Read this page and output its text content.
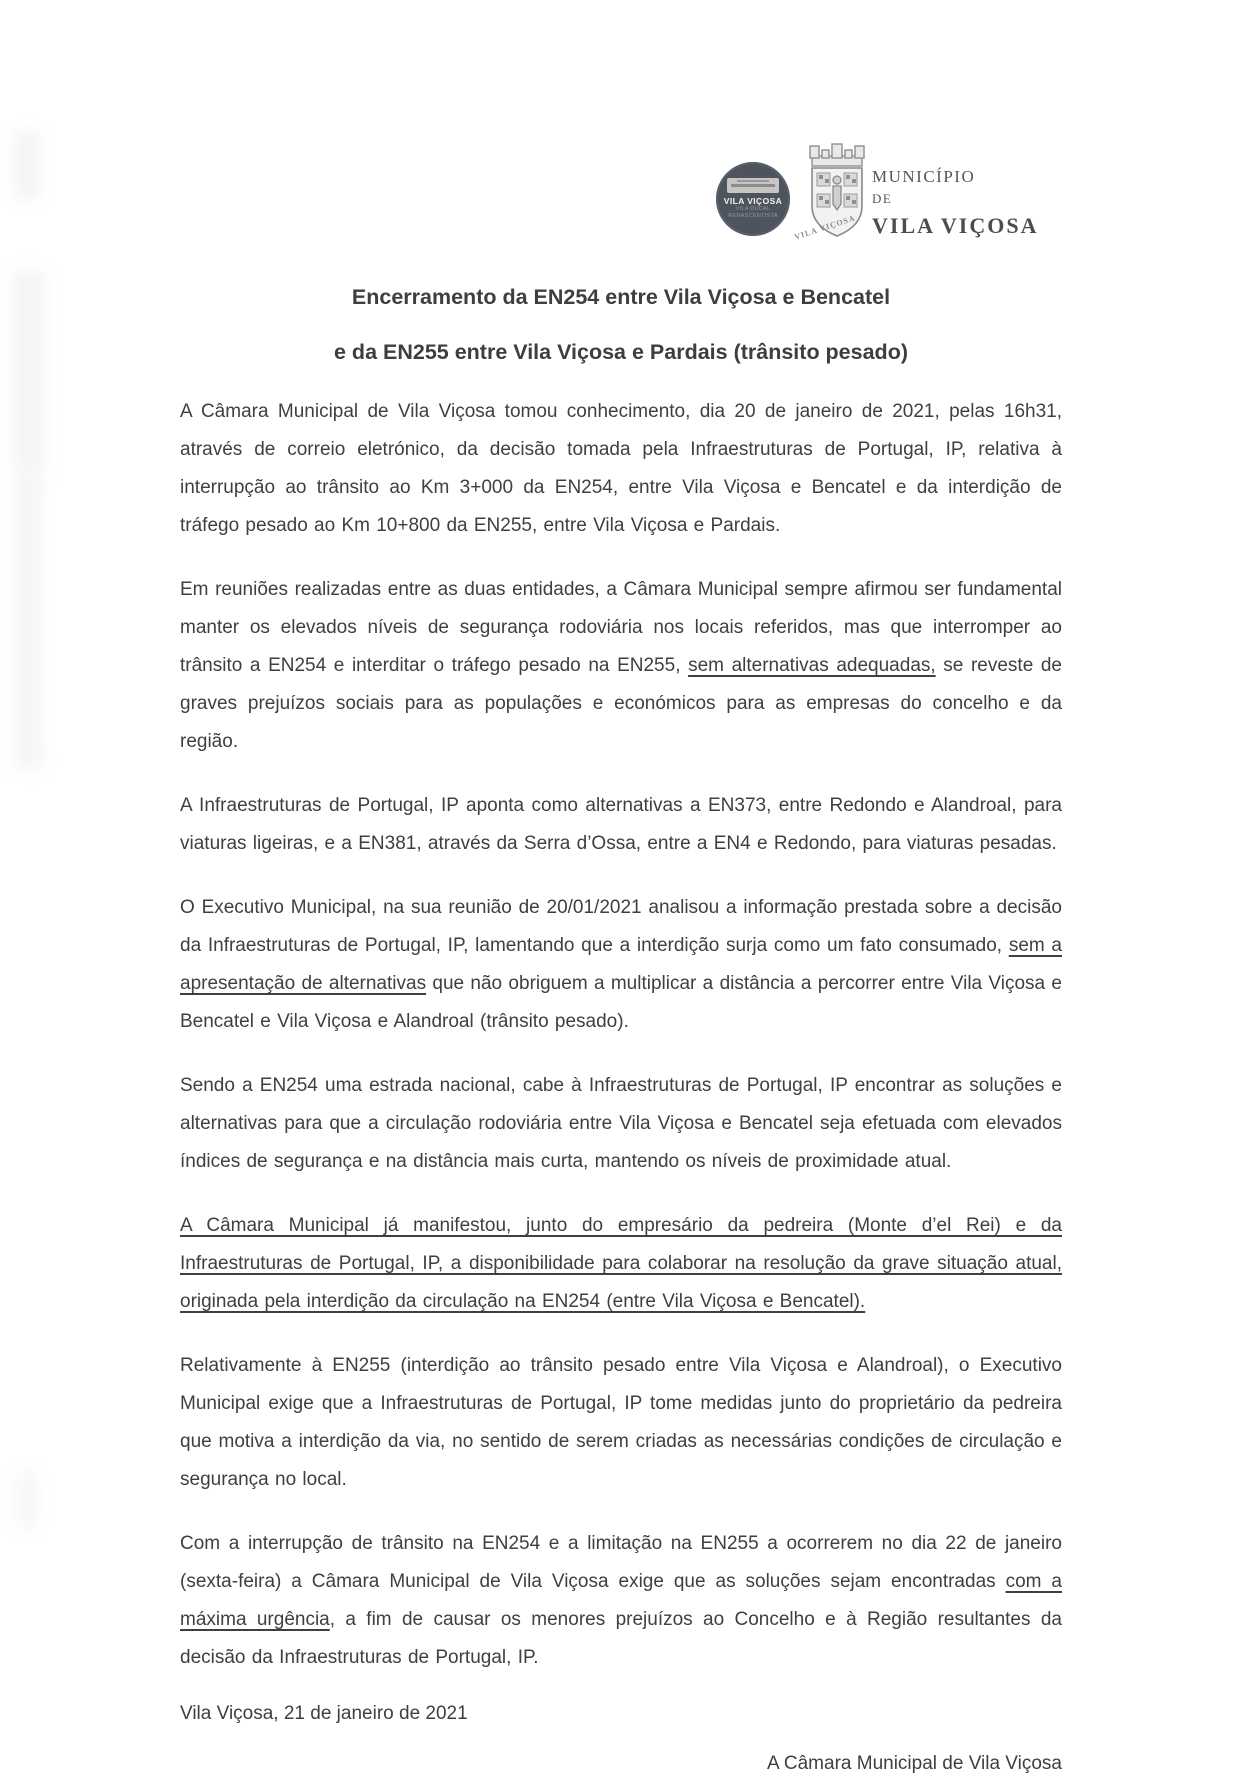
VILA VIÇOSA
VILA DUCAL
RENASCENTISTA VILA VIÇOSA
MUNICÍPIO
DE
VILA VIÇOSA

Encerramento da EN254 entre Vila Viçosa e Bencatel

e da EN255 entre Vila Viçosa e Pardais (trânsito pesado)

A Câmara Municipal de Vila Viçosa tomou conhecimento, dia 20 de janeiro de 2021, pelas 16h31, através de correio eletrónico, da decisão tomada pela Infraestruturas de Portugal, IP, relativa à interrupção ao trânsito ao Km 3+000 da EN254, entre Vila Viçosa e Bencatel e da interdição de tráfego pesado ao Km 10+800 da EN255, entre Vila Viçosa e Pardais.

Em reuniões realizadas entre as duas entidades, a Câmara Municipal sempre afirmou ser fundamental manter os elevados níveis de segurança rodoviária nos locais referidos, mas que interromper ao trânsito a EN254 e interditar o tráfego pesado na EN255, sem alternativas adequadas, se reveste de graves prejuízos sociais para as populações e económicos para as empresas do concelho e da região.

A Infraestruturas de Portugal, IP aponta como alternativas a EN373, entre Redondo e Alandroal, para viaturas ligeiras, e a EN381, através da Serra d’Ossa, entre a EN4 e Redondo, para viaturas pesadas.

O Executivo Municipal, na sua reunião de 20/01/2021 analisou a informação prestada sobre a decisão da Infraestruturas de Portugal, IP, lamentando que a interdição surja como um fato consumado, sem a apresentação de alternativas que não obriguem a multiplicar a distância a percorrer entre Vila Viçosa e Bencatel e Vila Viçosa e Alandroal (trânsito pesado).

Sendo a EN254 uma estrada nacional, cabe à Infraestruturas de Portugal, IP encontrar as soluções e alternativas para que a circulação rodoviária entre Vila Viçosa e Bencatel seja efetuada com elevados índices de segurança e na distância mais curta, mantendo os níveis de proximidade atual.

A Câmara Municipal já manifestou, junto do empresário da pedreira (Monte d’el Rei) e da Infraestruturas de Portugal, IP, a disponibilidade para colaborar na resolução da grave situação atual, originada pela interdição da circulação na EN254 (entre Vila Viçosa e Bencatel).

Relativamente à EN255 (interdição ao trânsito pesado entre Vila Viçosa e Alandroal), o Executivo Municipal exige que a Infraestruturas de Portugal, IP tome medidas junto do proprietário da pedreira que motiva a interdição da via, no sentido de serem criadas as necessárias condições de circulação e segurança no local.

Com a interrupção de trânsito na EN254 e a limitação na EN255 a ocorrerem no dia 22 de janeiro (sexta-feira) a Câmara Municipal de Vila Viçosa exige que as soluções sejam encontradas com a máxima urgência, a fim de causar os menores prejuízos ao Concelho e à Região resultantes da decisão da Infraestruturas de Portugal, IP.

Vila Viçosa, 21 de janeiro de 2021

A Câmara Municipal de Vila Viçosa
